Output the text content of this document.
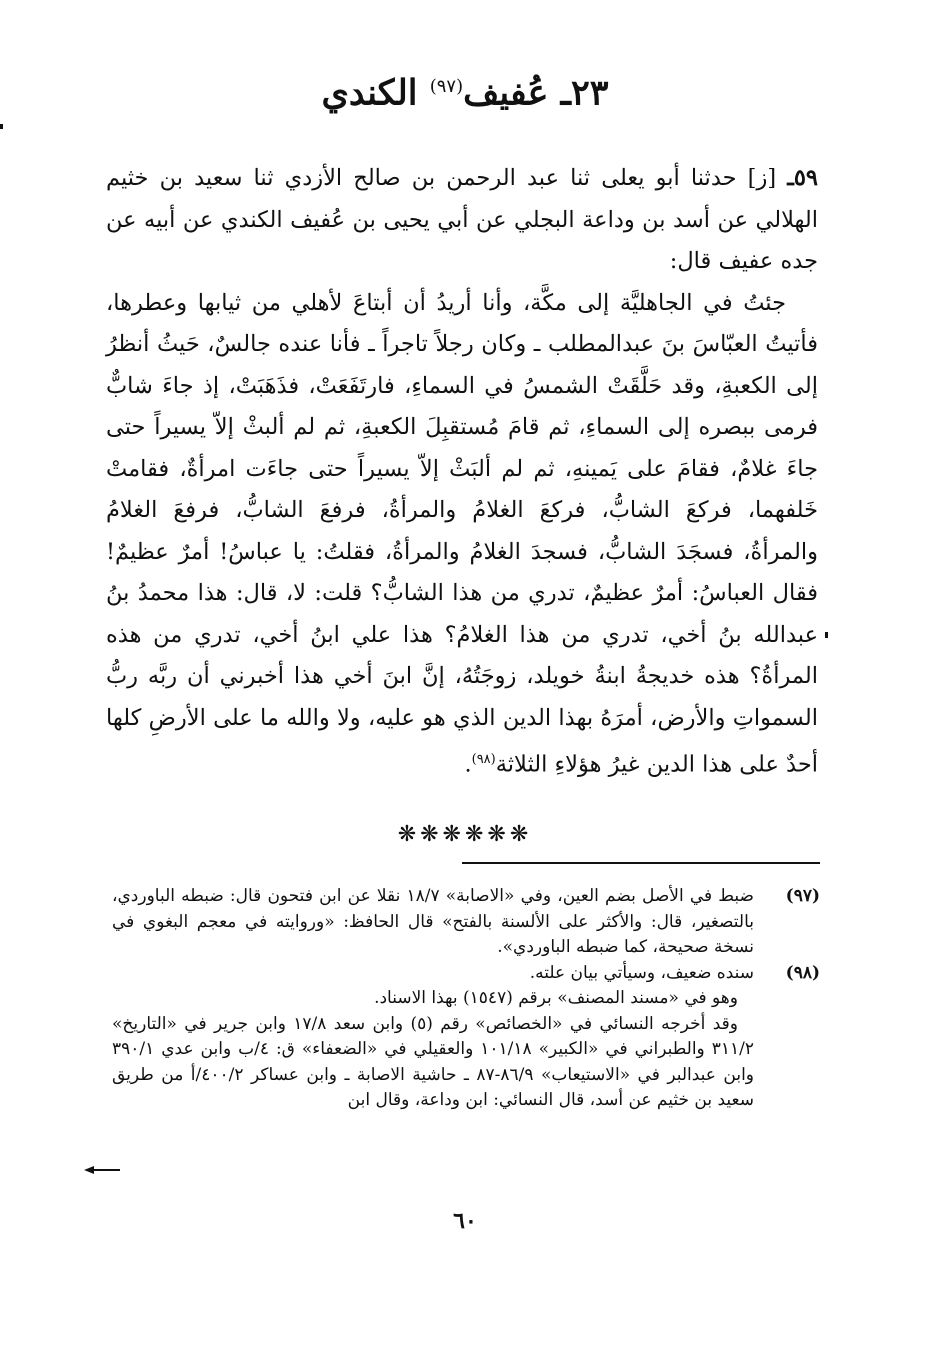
٢٣ـ عُفيف$^{(٩٧)}$ الكندي

٥٩ـ [ز] حدثنا أبو يعلى ثنا عبد الرحمن بن صالح الأزدي ثنا سعيد بن خثيم الهلالي عن أسد بن وداعة البجلي عن أبي يحيى بن عُفيف الكندي عن أبيه عن جده عفيف قال:

جئتُ في الجاهليَّة إلى مكَّة، وأنا أريدُ أن أبتاعَ لأهلي من ثيابها وعطرها، فأتيتُ العبّاسَ بنَ عبدالمطلب ـ وكان رجلاً تاجراً ـ فأنا عنده جالسٌ، حَيثُ أنظرُ إلى الكعبةِ، وقد حَلَّقَتْ الشمسُ في السماءِ، فارتَفَعَتْ، فذَهَبَتْ، إذ جاءَ شابٌّ فرمى ببصره إلى السماءِ، ثم قامَ مُستقبِلَ الكعبةِ، ثم لم ألبثْ إلاّ يسيراً حتى جاءَ غلامٌ، فقامَ على يَمينهِ، ثم لم ألبَثْ إلاّ يسيراً حتى جاءَت امرأةٌ، فقامتْ خَلفهما، فركعَ الشابُّ، فركعَ الغلامُ والمرأةُ، فرفعَ الشابُّ، فرفعَ الغلامُ والمرأةُ، فسجَدَ الشابُّ، فسجدَ الغلامُ والمرأةُ، فقلتُ: يا عباسُ! أمرٌ عظيمٌ! فقال العباسُ: أمرٌ عظيمٌ، تدري من هذا الشابُّ؟ قلت: لا، قال: هذا محمدُ بنُ عبدالله بنُ أخي، تدري من هذا الغلامُ؟ هذا علي ابنُ أخي، تدري من هذه المرأةُ؟ هذه خديجةُ ابنةُ خويلد، زوجَتُهُ، إنَّ ابنَ أخي هذا أخبرني أن ربَّه ربُّ السمواتِ والأرض، أمرَهُ بهذا الدين الذي هو عليه، ولا والله ما على الأرضِ كلها أحدٌ على هذا الدين غيرُ هؤلاءِ الثلاثة$^{(٩٨)}$.

❋❋❋❋❋❋
(٩٧)

ضبط في الأصل بضم العين، وفي «الاصابة» ١٨/٧ نقلا عن ابن فتحون قال: ضبطه الباوردي، بالتصغير، قال: والأكثر على الألسنة بالفتح» قال الحافظ: «وروايته في معجم البغوي في نسخة صحيحة، كما ضبطه الباوردي».

(٩٨)

سنده ضعيف، وسيأتي بيان علته.

وهو في «مسند المصنف» برقم (١٥٤٧) بهذا الاسناد.

وقد أخرجه النسائي في «الخصائص» رقم (٥) وابن سعد ١٧/٨ وابن جرير في «التاريخ» ٣١١/٢ والطبراني في «الكبير» ١٠١/١٨ والعقيلي في «الضعفاء» ق: ٤/ب وابن عدي ٣٩٠/١ وابن عبدالبر في «الاستيعاب» ٨٦/٩-٨٧ ـ حاشية الاصابة ـ وابن عساكر ٤٠٠/٢/أ من طريق سعيد بن خثيم عن أسد، قال النسائي: ابن وداعة، وقال ابن

٦٠
